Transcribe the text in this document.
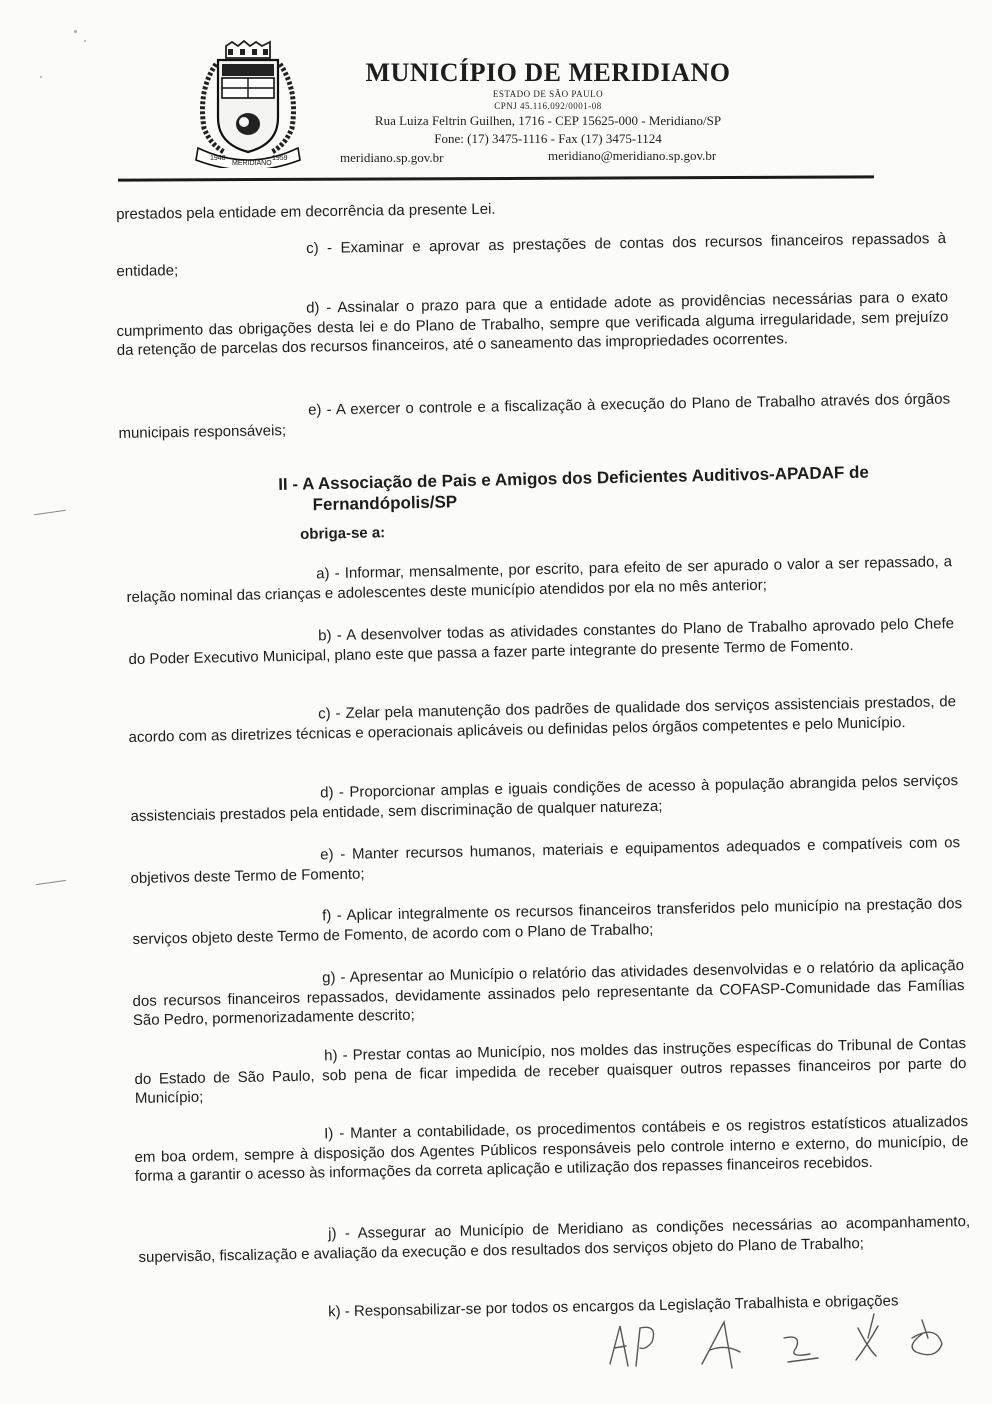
1948
MERIDIANO
1959
MUNICÍPIO DE MERIDIANO
ESTADO DE SÃO PAULO
CPNJ 45.116.092/0001-08
Rua Luiza Feltrin Guilhen, 1716 - CEP 15625-000 - Meridiano/SP
Fone: (17) 3475-1116 - Fax (17) 3475-1124
meridiano.sp.gov.br	meridiano@meridiano.sp.gov.br
prestados pela entidade em decorrência da presente Lei.
c) - Examinar e aprovar as prestações de contas dos recursos financeiros repassados à entidade;
d) - Assinalar o prazo para que a entidade adote as providências necessárias para o exato cumprimento das obrigações desta lei e do Plano de Trabalho, sempre que verificada alguma irregularidade, sem prejuízo da retenção de parcelas dos recursos financeiros, até o saneamento das impropriedades ocorrentes.
e) - A exercer o controle e a fiscalização à execução do Plano de Trabalho através dos órgãos municipais responsáveis;
II - A Associação de Pais e Amigos dos Deficientes Auditivos-APADAF de
Fernandópolis/SP
obriga-se a:
a) - Informar, mensalmente, por escrito, para efeito de ser apurado o valor a ser repassado, a relação nominal das crianças e adolescentes deste município atendidos por ela no mês anterior;
b) - A desenvolver todas as atividades constantes do Plano de Trabalho aprovado pelo Chefe do Poder Executivo Municipal, plano este que passa a fazer parte integrante do presente Termo de Fomento.
c) - Zelar pela manutenção dos padrões de qualidade dos serviços assistenciais prestados, de acordo com as diretrizes técnicas e operacionais aplicáveis ou definidas pelos órgãos competentes e pelo Município.
d) - Proporcionar amplas e iguais condições de acesso à população abrangida pelos serviços assistenciais prestados pela entidade, sem discriminação de qualquer natureza;
e) - Manter recursos humanos, materiais e equipamentos adequados e compatíveis com os objetivos deste Termo de Fomento;
f) - Aplicar integralmente os recursos financeiros transferidos pelo município na prestação dos serviços objeto deste Termo de Fomento, de acordo com o Plano de Trabalho;
g) - Apresentar ao Município o relatório das atividades desenvolvidas e o relatório da aplicação dos recursos financeiros repassados, devidamente assinados pelo representante da COFASP-Comunidade das Famílias São Pedro, pormenorizadamente descrito;
h) - Prestar contas ao Município, nos moldes das instruções específicas do Tribunal de Contas do Estado de São Paulo, sob pena de ficar impedida de receber quaisquer outros repasses financeiros por parte do Município;
I) - Manter a contabilidade, os procedimentos contábeis e os registros estatísticos atualizados em boa ordem, sempre à disposição dos Agentes Públicos responsáveis pelo controle interno e externo, do município, de forma a garantir o acesso às informações da correta aplicação e utilização dos repasses financeiros recebidos.
j) - Assegurar ao Município de Meridiano as condições necessárias ao acompanhamento, supervisão, fiscalização e avaliação da execução e dos resultados dos serviços objeto do Plano de Trabalho;
k) - Responsabilizar-se por todos os encargos da Legislação Trabalhista e obrigações
